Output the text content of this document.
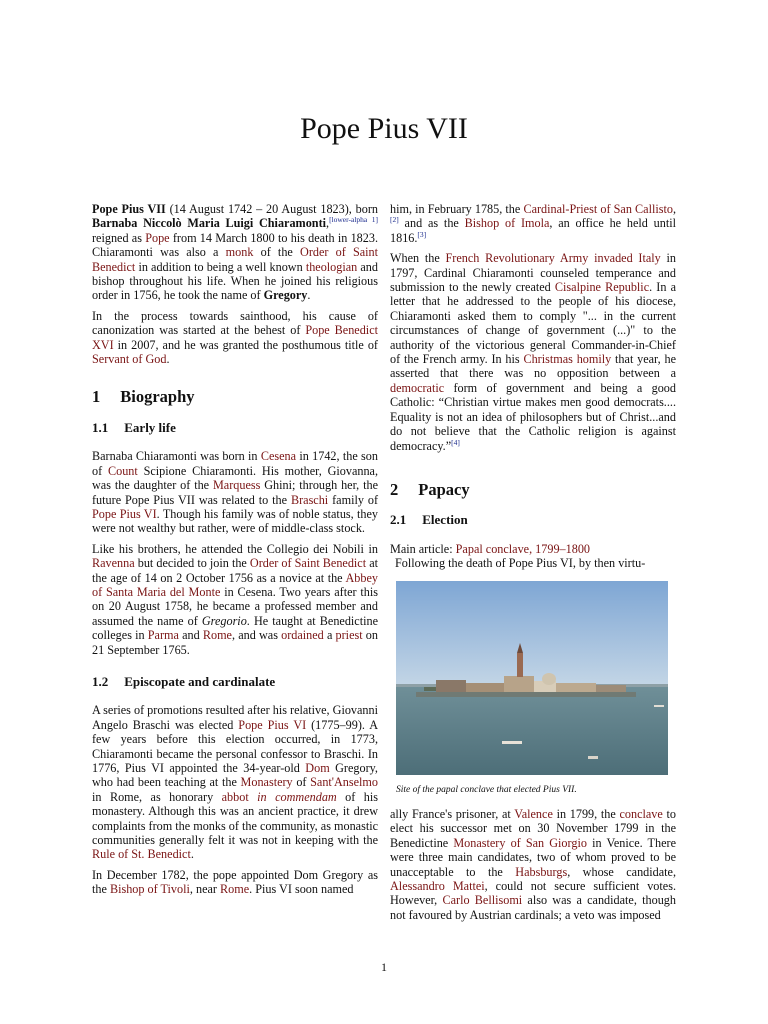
Pope Pius VII

Pope Pius VII (14 August 1742 – 20 August 1823), born Barnaba Niccolò Maria Luigi Chiaramonti,[lower-alpha 1] reigned as Pope from 14 March 1800 to his death in 1823. Chiaramonti was also a monk of the Order of Saint Benedict in addition to being a well known theologian and bishop throughout his life. When he joined his religious order in 1756, he took the name of Gregory.

In the process towards sainthood, his cause of canonization was started at the behest of Pope Benedict XVI in 2007, and he was granted the posthumous title of Servant of God.

1 Biography
1.1 Early life

Barnaba Chiaramonti was born in Cesena in 1742, the son of Count Scipione Chiaramonti. His mother, Giovanna, was the daughter of the Marquess Ghini; through her, the future Pope Pius VII was related to the Braschi family of Pope Pius VI. Though his family was of noble status, they were not wealthy but rather, were of middle-class stock.

Like his brothers, he attended the Collegio dei Nobili in Ravenna but decided to join the Order of Saint Benedict at the age of 14 on 2 October 1756 as a novice at the Abbey of Santa Maria del Monte in Cesena. Two years after this on 20 August 1758, he became a professed member and assumed the name of Gregorio. He taught at Benedictine colleges in Parma and Rome, and was ordained a priest on 21 September 1765.

1.2 Episcopate and cardinalate

A series of promotions resulted after his relative, Giovanni Angelo Braschi was elected Pope Pius VI (1775–99). A few years before this election occurred, in 1773, Chiaramonti became the personal confessor to Braschi. In 1776, Pius VI appointed the 34-year-old Dom Gregory, who had been teaching at the Monastery of Sant'Anselmo in Rome, as honorary abbot in commendam of his monastery. Although this was an ancient practice, it drew complaints from the monks of the community, as monastic communities generally felt it was not in keeping with the Rule of St. Benedict.

In December 1782, the pope appointed Dom Gregory as the Bishop of Tivoli, near Rome. Pius VI soon named

him, in February 1785, the Cardinal-Priest of San Callisto,[2] and as the Bishop of Imola, an office he held until 1816.[3]

When the French Revolutionary Army invaded Italy in 1797, Cardinal Chiaramonti counseled temperance and submission to the newly created Cisalpine Republic. In a letter that he addressed to the people of his diocese, Chiaramonti asked them to comply "... in the current circumstances of change of government (...)" to the authority of the victorious general Commander-in-Chief of the French army. In his Christmas homily that year, he asserted that there was no opposition between a democratic form of government and being a good Catholic: “Christian virtue makes men good democrats.... Equality is not an idea of philosophers but of Christ...and do not believe that the Catholic religion is against democracy.”[4]

2 Papacy
2.1 Election
Main article: Papal conclave, 1799–1800

Following the death of Pope Pius VI, by then virtu-

Site of the papal conclave that elected Pius VII.

ally France's prisoner, at Valence in 1799, the conclave to elect his successor met on 30 November 1799 in the Benedictine Monastery of San Giorgio in Venice. There were three main candidates, two of whom proved to be unacceptable to the Habsburgs, whose candidate, Alessandro Mattei, could not secure sufficient votes. However, Carlo Bellisomi also was a candidate, though not favoured by Austrian cardinals; a veto was imposed

1
